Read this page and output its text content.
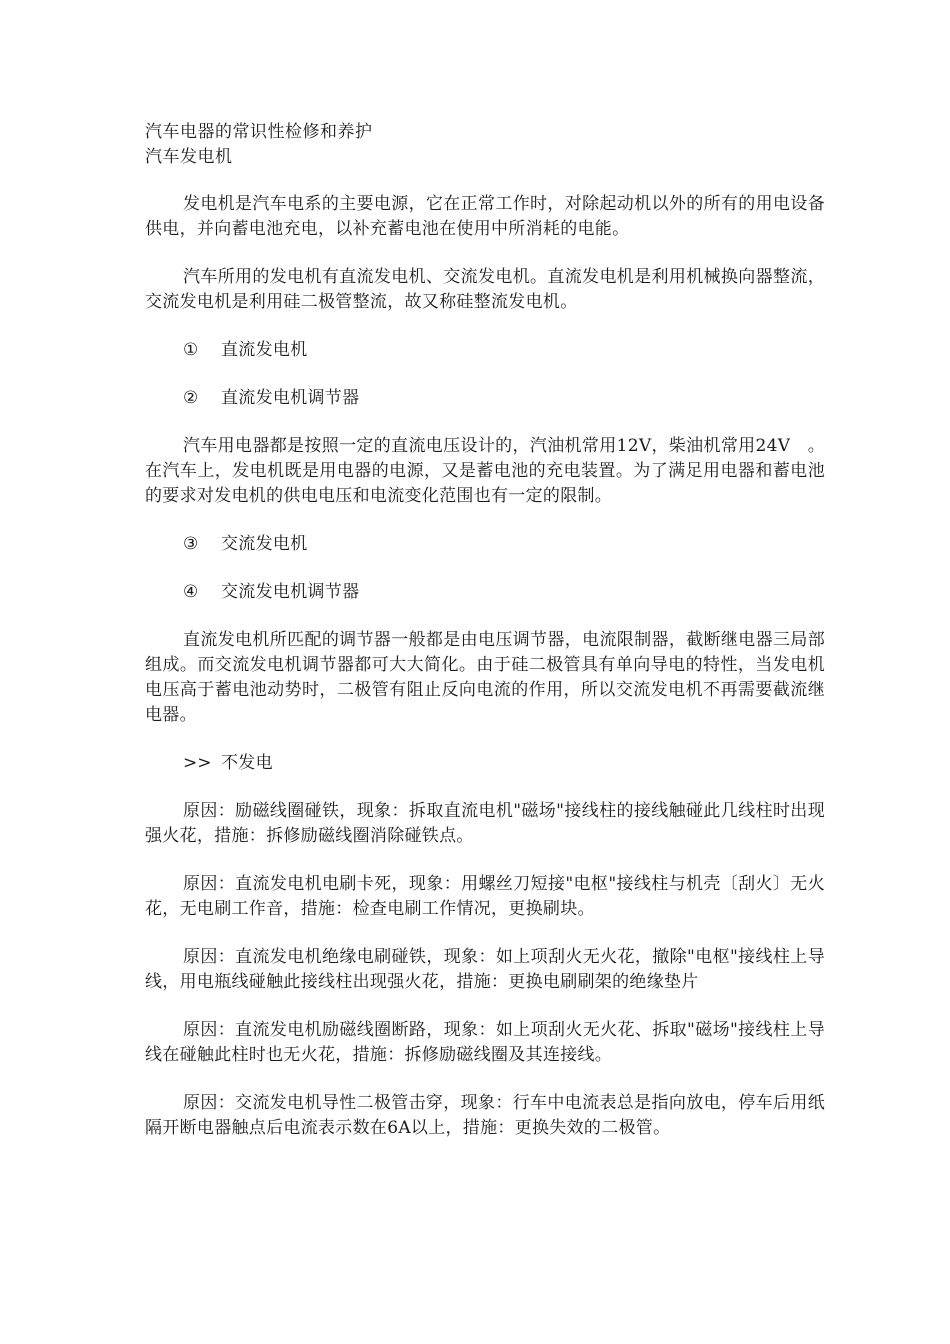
汽车电器的常识性检修和养护

汽车发电机

发电机是汽车电系的主要电源，它在正常工作时，对除起动机以外的所有的用电设备供电，并向蓄电池充电，以补充蓄电池在使用中所消耗的电能。

汽车所用的发电机有直流发电机、交流发电机。直流发电机是利用机械换向器整流，交流发电机是利用硅二极管整流，故又称硅整流发电机。

①	直流发电机
②	直流发电机调节器

汽车用电器都是按照一定的直流电压设计的，汽油机常用12V，柴油机常用24V　。在汽车上，发电机既是用电器的电源，又是蓄电池的充电装置。为了满足用电器和蓄电池的要求对发电机的供电电压和电流变化范围也有一定的限制。

③	交流发电机
④	交流发电机调节器

直流发电机所匹配的调节器一般都是由电压调节器，电流限制器，截断继电器三局部组成。而交流发电机调节器都可大大简化。由于硅二极管具有单向导电的特性，当发电机电压高于蓄电池动势时，二极管有阻止反向电流的作用，所以交流发电机不再需要截流继电器。

>> 不发电

原因：励磁线圈碰铁，现象：拆取直流电机"磁场"接线柱的接线触碰此几线柱时出现强火花，措施：拆修励磁线圈消除碰铁点。

原因：直流发电机电刷卡死，现象：用螺丝刀短接"电枢"接线柱与机壳〔刮火〕无火花，无电刷工作音，措施：检查电刷工作情况，更换刷块。

原因：直流发电机绝缘电刷碰铁，现象：如上项刮火无火花，撤除"电枢"接线柱上导线，用电瓶线碰触此接线柱出现强火花，措施：更换电刷刷架的绝缘垫片

原因：直流发电机励磁线圈断路，现象：如上项刮火无火花、拆取"磁场"接线柱上导线在碰触此柱时也无火花，措施：拆修励磁线圈及其连接线。

原因：交流发电机导性二极管击穿，现象：行车中电流表总是指向放电，停车后用纸隔开断电器触点后电流表示数在6A以上，措施：更换失效的二极管。
